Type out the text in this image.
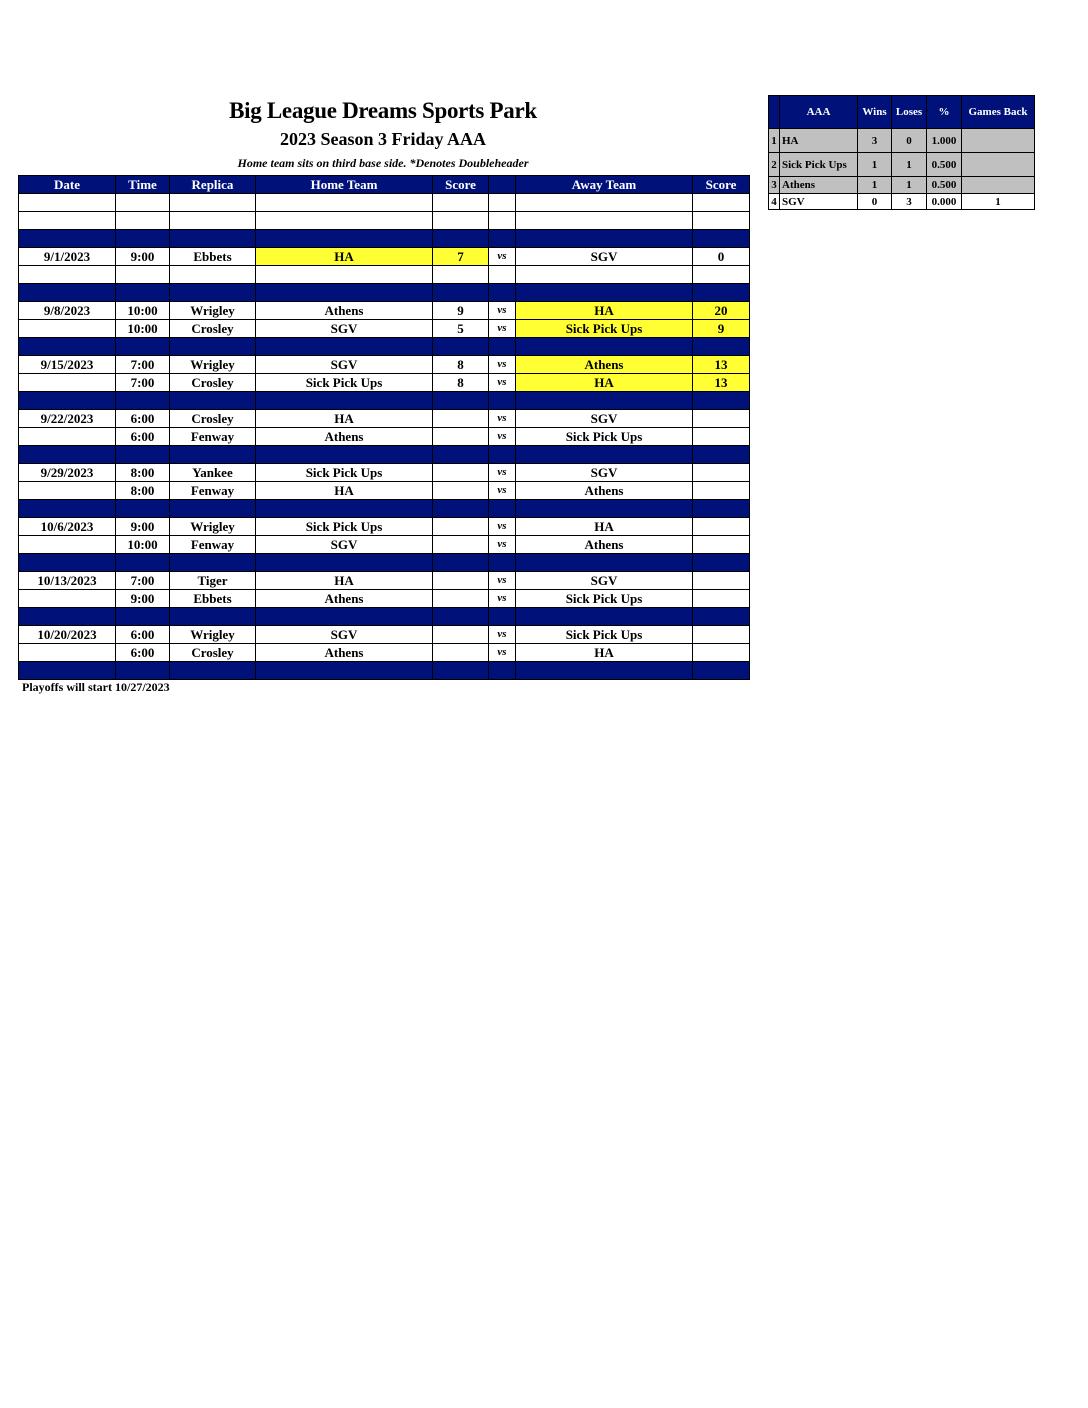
Big League Dreams Sports Park
2023 Season 3 Friday AAA
Home team sits on third base side. *Denotes Doubleheader
Date	Time	Replica	Home Team	Score		Away Team	Score

9/1/2023	9:00	Ebbets	HA	7	vs	SGV	0

9/8/2023	10:00	Wrigley	Athens	9	vs	HA	20
	10:00	Crosley	SGV	5	vs	Sick Pick Ups	9

9/15/2023	7:00	Wrigley	SGV	8	vs	Athens	13
	7:00	Crosley	Sick Pick Ups	8	vs	HA	13

9/22/2023	6:00	Crosley	HA		vs	SGV	
	6:00	Fenway	Athens		vs	Sick Pick Ups	

9/29/2023	8:00	Yankee	Sick Pick Ups		vs	SGV	
	8:00	Fenway	HA		vs	Athens	

10/6/2023	9:00	Wrigley	Sick Pick Ups		vs	HA	
	10:00	Fenway	SGV		vs	Athens	

10/13/2023	7:00	Tiger	HA		vs	SGV	
	9:00	Ebbets	Athens		vs	Sick Pick Ups	

10/20/2023	6:00	Wrigley	SGV		vs	Sick Pick Ups	
	6:00	Crosley	Athens		vs	HA	

Playoffs will start 10/27/2023
	AAA	Wins	Loses	%	Games Back
1	HA	3	0	1.000	
2	Sick Pick Ups	1	1	0.500	
3	Athens	1	1	0.500	
4	SGV	0	3	0.000	1
